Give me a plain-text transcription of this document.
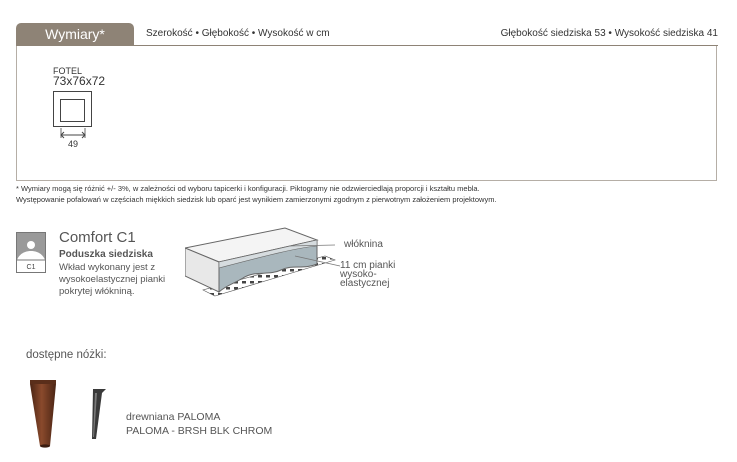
Wymiary*	Szerokość • Głębokość • Wysokość w cm	Głębokość siedziska 53 • Wysokość siedziska 41
FOTEL
73x76x72
49
* Wymiary mogą się różnić +/- 3%, w zależności od wyboru tapicerki i konfiguracji. Piktogramy nie odzwierciedlają proporcji i kształtu mebla.
Występowanie pofalowań w częściach miękkich siedzisk lub oparć jest wynikiem zamierzonymi zgodnym z pierwotnym założeniem projektowym.
C1
Comfort C1
Poduszka siedziska
Wkład wykonany jest z wysokoelastycznej pianki pokrytej włókniną.
włóknina
11 cm pianki wysoko-elastycznej
dostępne nóżki:
drewniana PALOMA
PALOMA - BRSH BLK CHROM
